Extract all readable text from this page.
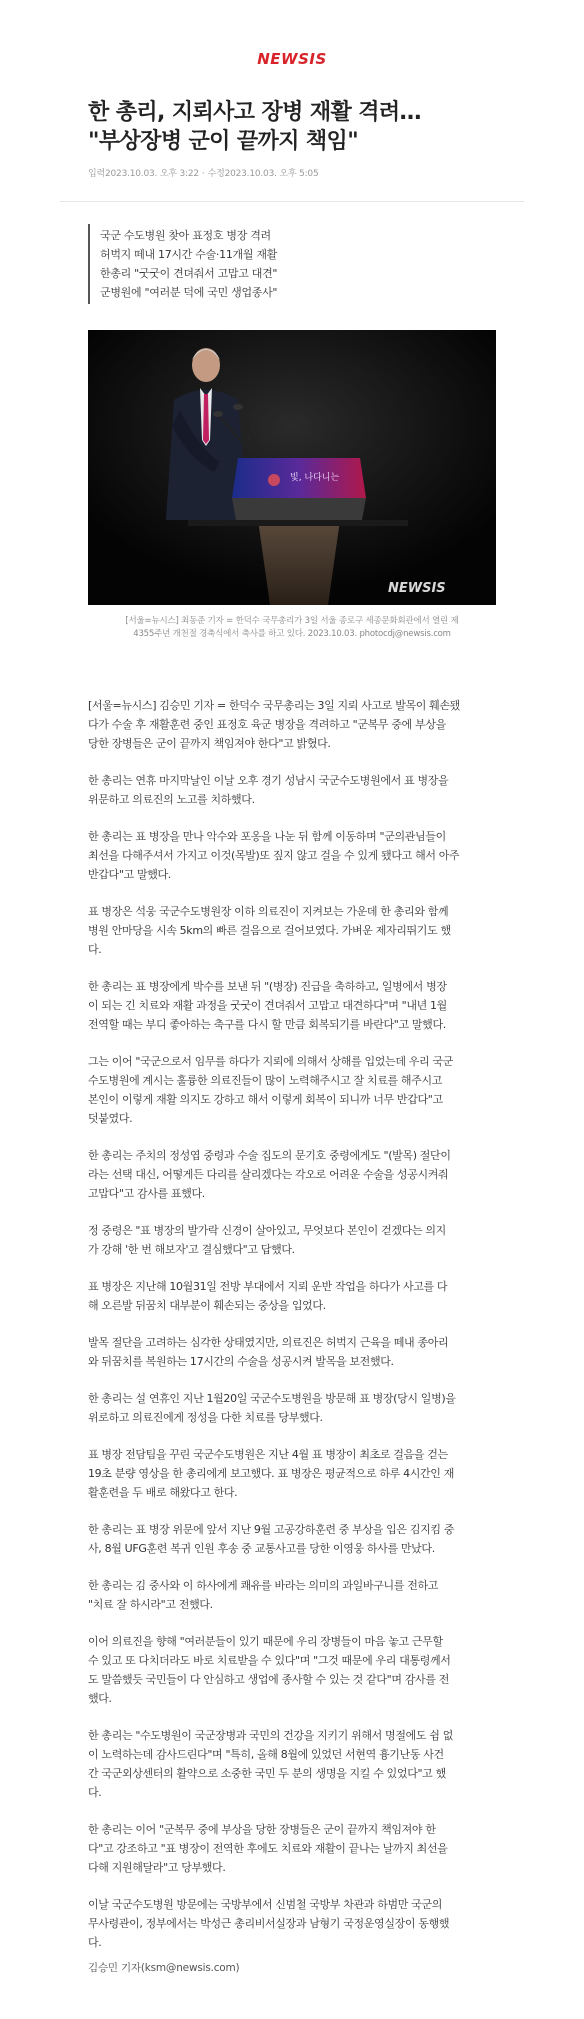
NEWSIS
한 총리, 지뢰사고 장병 재활 격려…
"부상장병 군이 끝까지 책임"
입력2023.10.03. 오후 3:22 · 수정2023.10.03. 오후 5:05
국군 수도병원 찾아 표정호 병장 격려
허벅지 떼내 17시간 수술·11개월 재활
한총리 "굿굿이 견뎌줘서 고맙고 대견"
군병원에 "여러분 덕에 국민 생업종사"
빛, 나다니는
NEWSIS
[서울=뉴시스] 최동준 기자 = 한덕수 국무총리가 3일 서울 종로구 세종문화회관에서 열린 제
4355주년 개천절 경축식에서 축사를 하고 있다. 2023.10.03. photocdj@newsis.com

[서울=뉴시스] 김승민 기자 = 한덕수 국무총리는 3일 지뢰 사고로 발목이 훼손됐
다가 수술 후 재활훈련 중인 표정호 육군 병장을 격려하고 "군복무 중에 부상을
당한 장병들은 군이 끝까지 책임져야 한다"고 밝혔다.

한 총리는 연휴 마지막날인 이날 오후 경기 성남시 국군수도병원에서 표 병장을
위문하고 의료진의 노고를 치하했다.

한 총리는 표 병장을 만나 악수와 포옹을 나눈 뒤 함께 이동하며 "군의관님들이
최선을 다해주셔서 가지고 이것(목발)또 짚지 않고 걸을 수 있게 됐다고 해서 아주
반갑다"고 말했다.

표 병장은 석웅 국군수도병원장 이하 의료진이 지켜보는 가운데 한 총리와 함께
병원 안마당을 시속 5km의 빠른 걸음으로 걸어보였다. 가벼운 제자리뛰기도 했
다.

한 총리는 표 병장에게 박수를 보낸 뒤 "(병장) 진급을 축하하고, 일병에서 병장
이 되는 긴 치료와 재활 과정을 굿굿이 견뎌줘서 고맙고 대견하다"며 "내년 1월
전역할 때는 부디 좋아하는 축구를 다시 할 만큼 회복되기를 바란다"고 말했다.

그는 이어 "국군으로서 임무를 하다가 지뢰에 의해서 상해를 입었는데 우리 국군
수도병원에 계시는 훌륭한 의료진들이 많이 노력해주시고 잘 치료를 해주시고
본인이 이렇게 재활 의지도 강하고 해서 이렇게 회복이 되니까 너무 반갑다"고
덧붙였다.

한 총리는 주치의 정성엽 중령과 수술 집도의 문기호 중령에게도 "(발목) 절단이
라는 선택 대신, 어떻게든 다리를 살리겠다는 각오로 어려운 수술을 성공시켜줘
고맙다"고 감사를 표했다.

정 중령은 "표 병장의 발가락 신경이 살아있고, 무엇보다 본인이 걷겠다는 의지
가 강해 '한 번 해보자'고 결심했다"고 답했다.

표 병장은 지난해 10월31일 전방 부대에서 지뢰 운반 작업을 하다가 사고를 다
해 오른발 뒤꿈치 대부분이 훼손되는 중상을 입었다.

발목 절단을 고려하는 심각한 상태였지만, 의료진은 허벅지 근육을 떼내 종아리
와 뒤꿈치를 복원하는 17시간의 수술을 성공시켜 발목을 보전했다.

한 총리는 설 연휴인 지난 1월20일 국군수도병원을 방문해 표 병장(당시 일병)을
위로하고 의료진에게 정성을 다한 치료를 당부했다.

표 병장 전담팀을 꾸린 국군수도병원은 지난 4월 표 병장이 최초로 걸음을 걷는
19초 분량 영상을 한 총리에게 보고했다. 표 병장은 평균적으로 하루 4시간인 재
활훈련을 두 배로 해왔다고 한다.

한 총리는 표 병장 위문에 앞서 지난 9월 고공강하훈련 중 부상을 입은 김지킴 중
사, 8월 UFG훈련 복귀 인원 후송 중 교통사고를 당한 이영웅 하사를 만났다.

한 총리는 김 중사와 이 하사에게 쾌유를 바라는 의미의 과일바구니를 전하고
"치료 잘 하시라"고 전했다.

이어 의료진을 향해 "여러분들이 있기 때문에 우리 장병들이 마음 놓고 근무할
수 있고 또 다치더라도 바로 치료받을 수 있다"며 "그것 때문에 우리 대통령께서
도 말씀했듯 국민들이 다 안심하고 생업에 종사할 수 있는 것 같다"며 감사를 전
했다.

한 총리는 "수도병원이 국군장병과 국민의 건강을 지키기 위해서 명절에도 쉼 없
이 노력하는데 감사드린다"며 "특히, 올해 8월에 있었던 서현역 흉기난동 사건
간 국군외상센터의 활약으로 소중한 국민 두 분의 생명을 지킬 수 있었다"고 했
다.

한 총리는 이어 "군복무 중에 부상을 당한 장병들은 군이 끝까지 책임져야 한
다"고 강조하고 "표 병장이 전역한 후에도 치료와 재활이 끝나는 날까지 최선을
다해 지원해달라"고 당부했다.

이날 국군수도병원 방문에는 국방부에서 신범철 국방부 차관과 하범만 국군의
무사령관이, 정부에서는 박성근 총리비서실장과 남형기 국정운영실장이 동행했
다.

김승민 기자(ksm@newsis.com)
